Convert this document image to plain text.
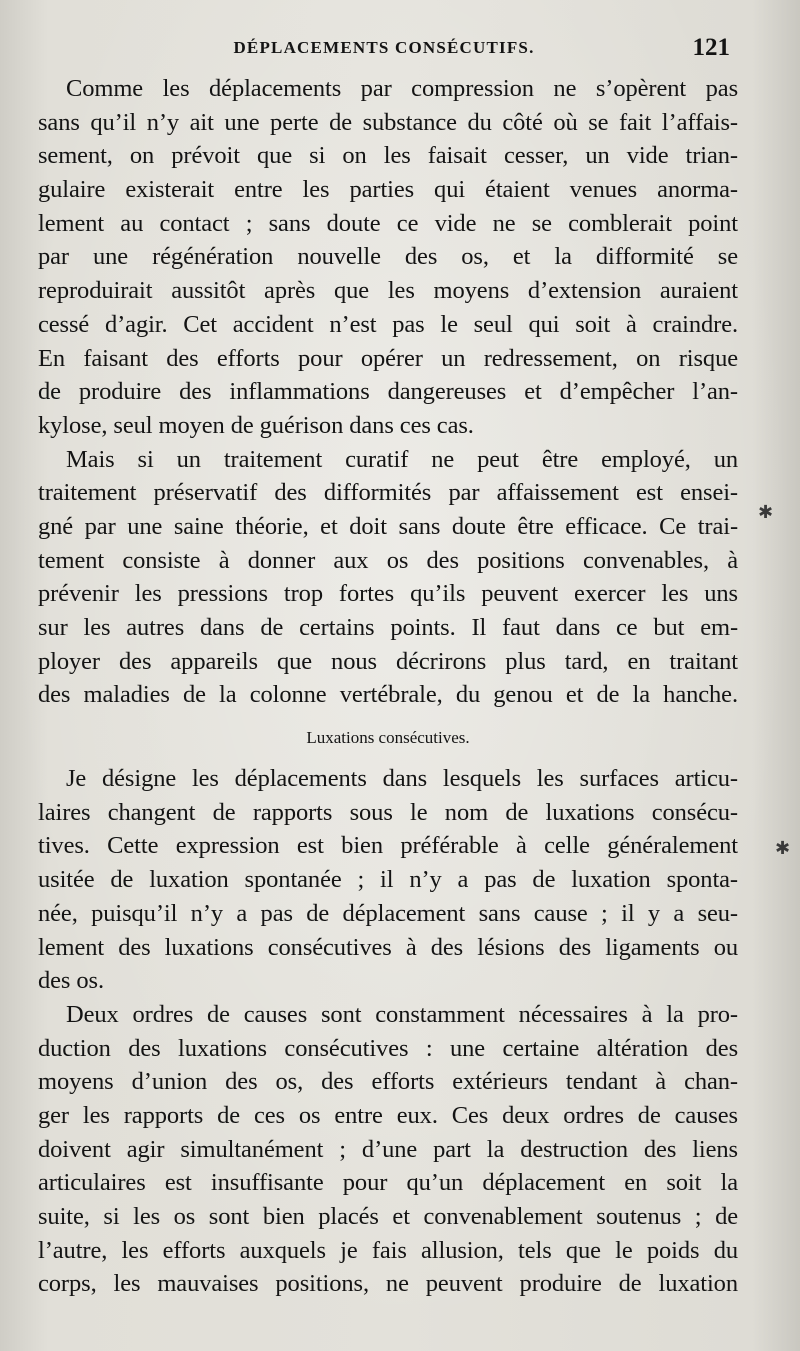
DÉPLACEMENTS CONSÉCUTIFS.	121
Comme les déplacements par compression ne s’opèrent pas
sans qu’il n’y ait une perte de substance du côté où se fait l’affais-
sement, on prévoit que si on les faisait cesser, un vide trian-
gulaire existerait entre les parties qui étaient venues anorma-
lement au contact ; sans doute ce vide ne se comblerait point
par une régénération nouvelle des os, et la difformité se
reproduirait aussitôt après que les moyens d’extension auraient
cessé d’agir. Cet accident n’est pas le seul qui soit à craindre.
En faisant des efforts pour opérer un redressement, on risque
de produire des inflammations dangereuses et d’empêcher l’an-
kylose, seul moyen de guérison dans ces cas.
Mais si un traitement curatif ne peut être employé, un
traitement préservatif des difformités par affaissement est ensei-
gné par une saine théorie, et doit sans doute être efficace. Ce trai-
tement consiste à donner aux os des positions convenables, à
prévenir les pressions trop fortes qu’ils peuvent exercer les uns
sur les autres dans de certains points. Il faut dans ce but em-
ployer des appareils que nous décrirons plus tard, en traitant
des maladies de la colonne vertébrale, du genou et de la hanche.
Luxations consécutives.
Je désigne les déplacements dans lesquels les surfaces articu-
laires changent de rapports sous le nom de luxations consécu-
tives. Cette expression est bien préférable à celle généralement
usitée de luxation spontanée ; il n’y a pas de luxation sponta-
née, puisqu’il n’y a pas de déplacement sans cause ; il y a seu-
lement des luxations consécutives à des lésions des ligaments ou
des os.
Deux ordres de causes sont constamment nécessaires à la pro-
duction des luxations consécutives : une certaine altération des
moyens d’union des os, des efforts extérieurs tendant à chan-
ger les rapports de ces os entre eux. Ces deux ordres de causes
doivent agir simultanément ; d’une part la destruction des liens
articulaires est insuffisante pour qu’un déplacement en soit la
suite, si les os sont bien placés et convenablement soutenus ; de
l’autre, les efforts auxquels je fais allusion, tels que le poids du
corps, les mauvaises positions, ne peuvent produire de luxation
✱
✱
